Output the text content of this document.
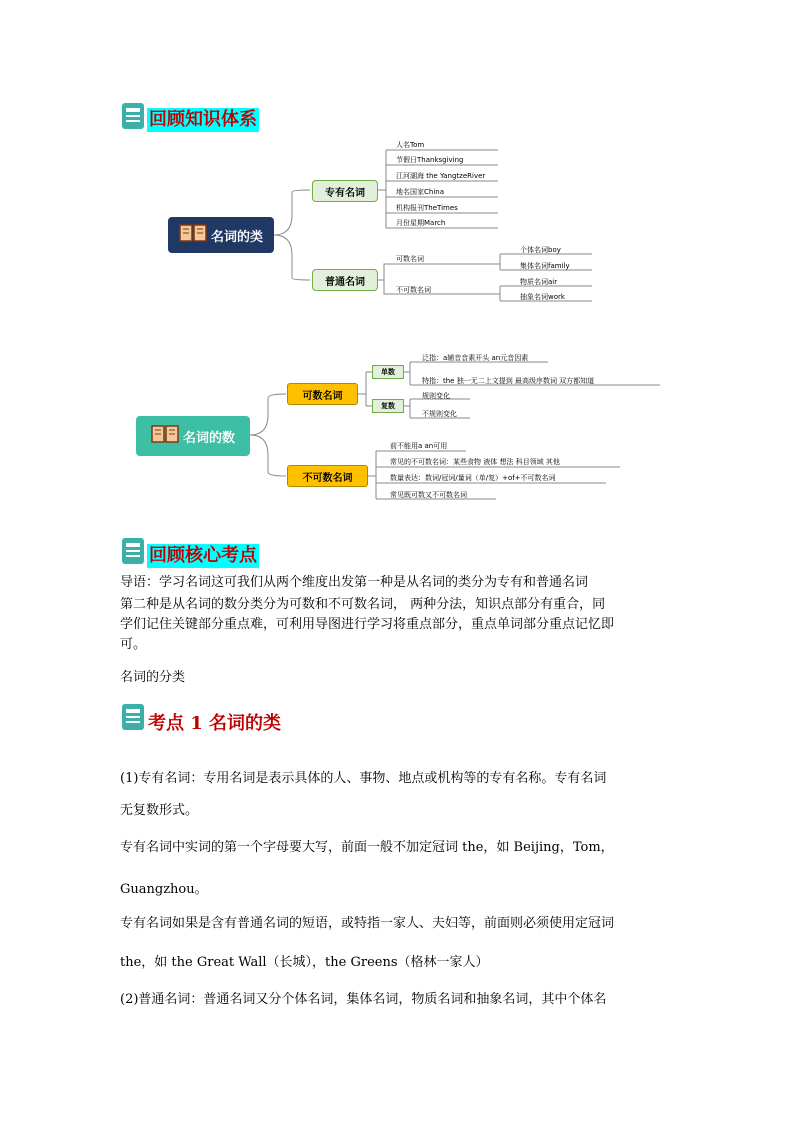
回顾知识体系
名词的类
专有名词
普通名词
人名Tom
节假日Thanksgiving
江河湖海 the YangtzeRiver
地名国家China
机构报刊TheTimes
月份星期March
可数名词
不可数名词
个体名词boy
集体名词family
物质名词air
抽象名词work
名词的数
可数名词
不可数名词
单数
复数
泛指：a辅音音素开头 an元音因素
特指：the 独一无二上文提到 最高级序数词 双方都知道
规则变化
不规则变化
前不能用a an可用
常见的不可数名词：某些食物 液体 想法 科目领域 其他
数量表达：数词/冠词/量词（单/复）+of+不可数名词
常见既可数又不可数名词
回顾核心考点
导语：学习名词这可我们从两个维度出发第一种是从名词的类分为专有和普通名词
第二种是从名词的数分类分为可数和不可数名词， 两种分法，知识点部分有重合，同
学们记住关键部分重点难，可利用导图进行学习将重点部分，重点单词部分重点记忆即
可。
名词的分类
考点 1 名词的类
(1)专有名词：专用名词是表示具体的人、事物、地点或机构等的专有名称。专有名词
无复数形式。
专有名词中实词的第一个字母要大写，前面一般不加定冠词 the，如 Beijing，Tom，
Guangzhou。
专有名词如果是含有普通名词的短语，或特指一家人、夫妇等，前面则必须使用定冠词
the，如 the Great Wall（长城），the Greens（格林一家人）
(2)普通名词：普通名词又分个体名词，集体名词，物质名词和抽象名词，其中个体名
